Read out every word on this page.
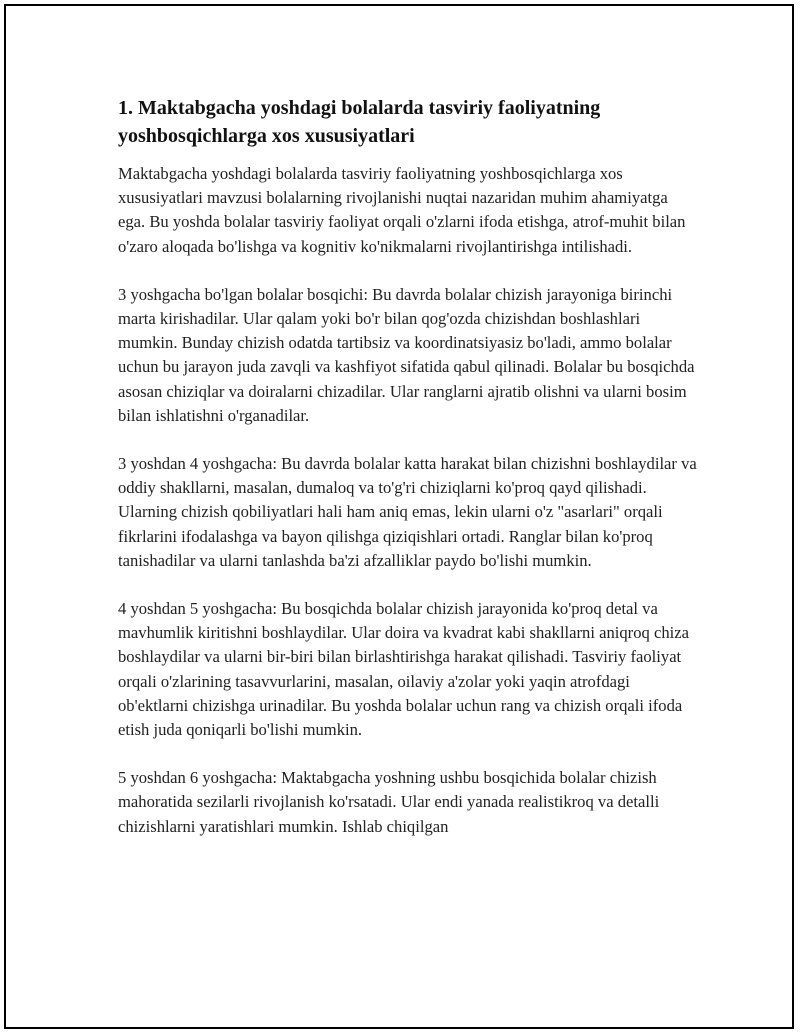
1. Maktabgacha yoshdagi bolalarda tasviriy faoliyatning yoshbosqichlarga xos xususiyatlari

Maktabgacha yoshdagi bolalarda tasviriy faoliyatning yoshbosqichlarga xos xususiyatlari mavzusi bolalarning rivojlanishi nuqtai nazaridan muhim ahamiyatga ega. Bu yoshda bolalar tasviriy faoliyat orqali o'zlarni ifoda etishga, atrof-muhit bilan o'zaro aloqada bo'lishga va kognitiv ko'nikmalarni rivojlantirishga intilishadi.

3 yoshgacha bo'lgan bolalar bosqichi: Bu davrda bolalar chizish jarayoniga birinchi marta kirishadilar. Ular qalam yoki bo'r bilan qog'ozda chizishdan boshlashlari mumkin. Bunday chizish odatda tartibsiz va koordinatsiyasiz bo'ladi, ammo bolalar uchun bu jarayon juda zavqli va kashfiyot sifatida qabul qilinadi. Bolalar bu bosqichda asosan chiziqlar va doiralarni chizadilar. Ular ranglarni ajratib olishni va ularni bosim bilan ishlatishni o'rganadilar.

3 yoshdan 4 yoshgacha: Bu davrda bolalar katta harakat bilan chizishni boshlaydilar va oddiy shakllarni, masalan, dumaloq va to'g'ri chiziqlarni ko'proq qayd qilishadi. Ularning chizish qobiliyatlari hali ham aniq emas, lekin ularni o'z "asarlari" orqali fikrlarini ifodalashga va bayon qilishga qiziqishlari ortadi. Ranglar bilan ko'proq tanishadilar va ularni tanlashda ba'zi afzalliklar paydo bo'lishi mumkin.

4 yoshdan 5 yoshgacha: Bu bosqichda bolalar chizish jarayonida ko'proq detal va mavhumlik kiritishni boshlaydilar. Ular doira va kvadrat kabi shakllarni aniqroq chiza boshlaydilar va ularni bir-biri bilan birlashtirishga harakat qilishadi. Tasviriy faoliyat orqali o'zlarining tasavvurlarini, masalan, oilaviy a'zolar yoki yaqin atrofdagi ob'ektlarni chizishga urinadilar. Bu yoshda bolalar uchun rang va chizish orqali ifoda etish juda qoniqarli bo'lishi mumkin.

5 yoshdan 6 yoshgacha: Maktabgacha yoshning ushbu bosqichida bolalar chizish mahoratida sezilarli rivojlanish ko'rsatadi. Ular endi yanada realistikroq va detalli chizishlarni yaratishlari mumkin. Ishlab chiqilgan
